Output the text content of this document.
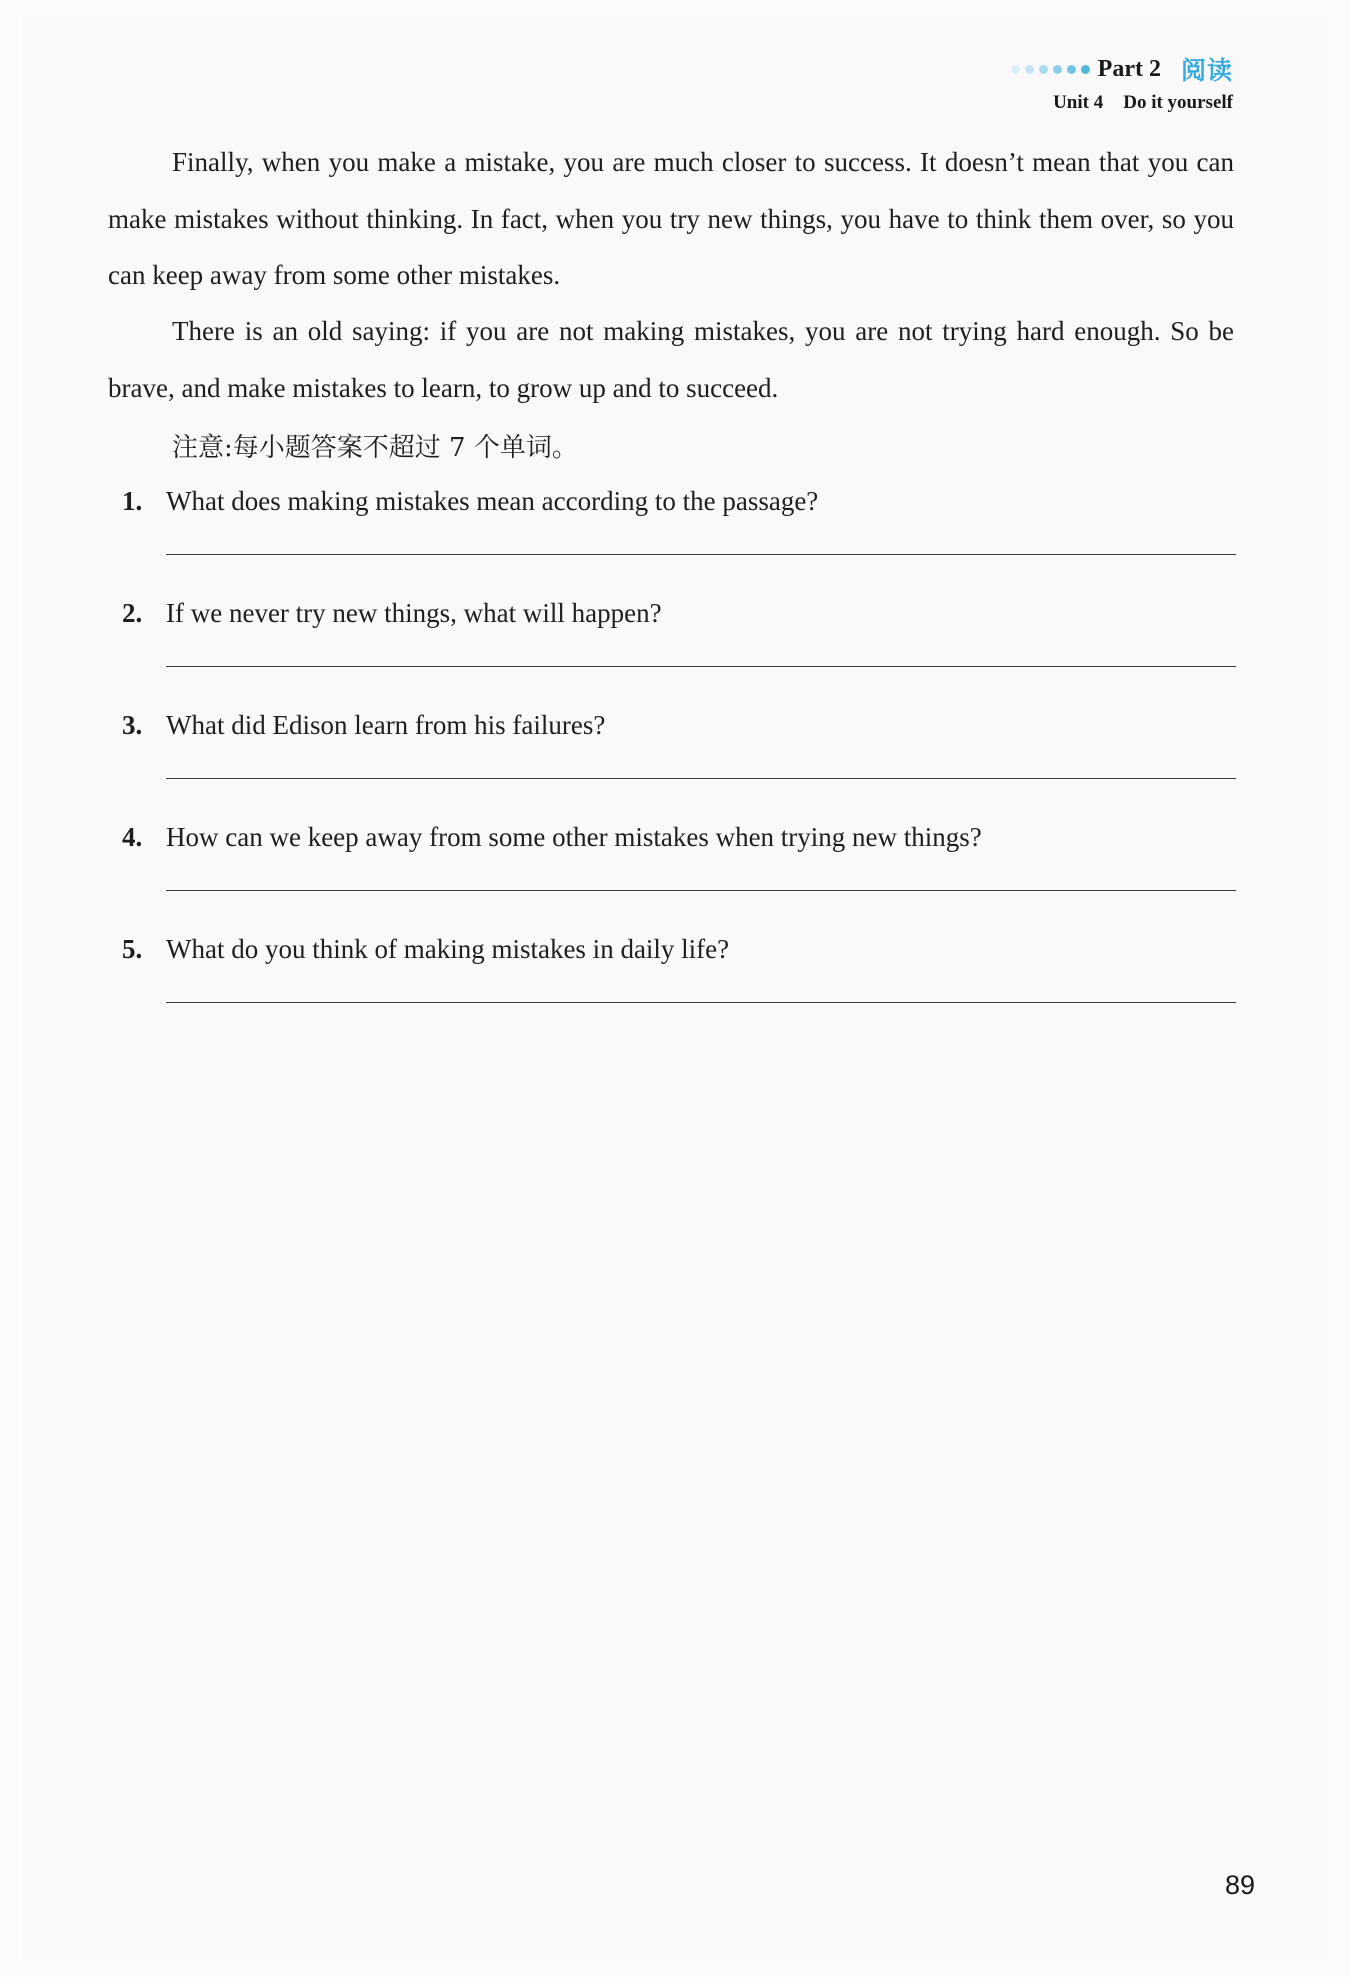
Part 2 阅读
Unit 4 Do it yourself

Finally, when you make a mistake, you are much closer to success. It doesn’t mean that you can make mistakes without thinking. In fact, when you try new things, you have to think them over, so you can keep away from some other mistakes.

There is an old saying: if you are not making mistakes, you are not trying hard enough. So be brave, and make mistakes to learn, to grow up and to succeed.

注意:每小题答案不超过 7 个单词。
1. What does making mistakes mean according to the passage?
2. If we never try new things, what will happen?
3. What did Edison learn from his failures?
4. How can we keep away from some other mistakes when trying new things?
5. What do you think of making mistakes in daily life?
89
